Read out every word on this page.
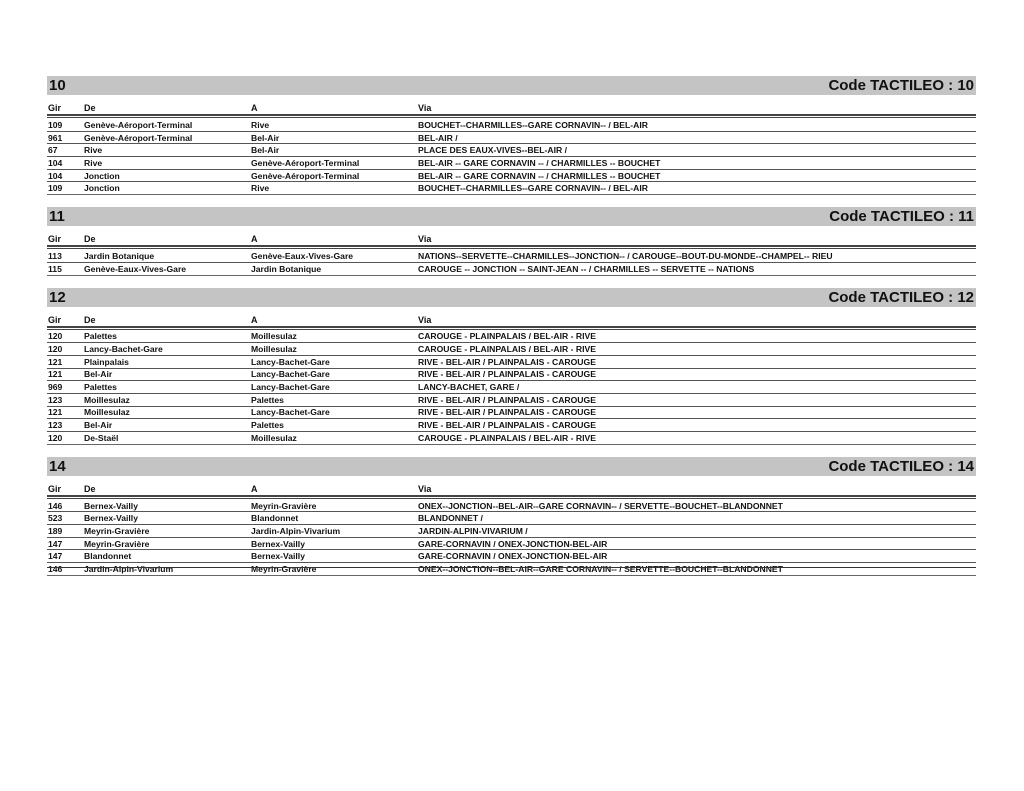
10	Code TACTILEO : 10
Gir	De	A	Via
109	Genève-Aéroport-Terminal	Rive	BOUCHET--CHARMILLES--GARE CORNAVIN-- / BEL-AIR
961	Genève-Aéroport-Terminal	Bel-Air	BEL-AIR /
67	Rive	Bel-Air	PLACE DES EAUX-VIVES--BEL-AIR /
104	Rive	Genève-Aéroport-Terminal	BEL-AIR -- GARE CORNAVIN -- / CHARMILLES -- BOUCHET
104	Jonction	Genève-Aéroport-Terminal	BEL-AIR -- GARE CORNAVIN -- / CHARMILLES -- BOUCHET
109	Jonction	Rive	BOUCHET--CHARMILLES--GARE CORNAVIN-- / BEL-AIR
11	Code TACTILEO : 11
Gir	De	A	Via
113	Jardin Botanique	Genève-Eaux-Vives-Gare	NATIONS--SERVETTE--CHARMILLES--JONCTION-- / CAROUGE--BOUT-DU-MONDE--CHAMPEL-- RIEU
115	Genève-Eaux-Vives-Gare	Jardin Botanique	CAROUGE -- JONCTION -- SAINT-JEAN -- / CHARMILLES -- SERVETTE -- NATIONS
12	Code TACTILEO : 12
Gir	De	A	Via
120	Palettes	Moillesulaz	CAROUGE - PLAINPALAIS / BEL-AIR - RIVE
120	Lancy-Bachet-Gare	Moillesulaz	CAROUGE - PLAINPALAIS / BEL-AIR - RIVE
121	Plainpalais	Lancy-Bachet-Gare	RIVE - BEL-AIR / PLAINPALAIS - CAROUGE
121	Bel-Air	Lancy-Bachet-Gare	RIVE - BEL-AIR / PLAINPALAIS - CAROUGE
969	Palettes	Lancy-Bachet-Gare	LANCY-BACHET, GARE /
123	Moillesulaz	Palettes	RIVE - BEL-AIR / PLAINPALAIS - CAROUGE
121	Moillesulaz	Lancy-Bachet-Gare	RIVE - BEL-AIR / PLAINPALAIS - CAROUGE
123	Bel-Air	Palettes	RIVE - BEL-AIR / PLAINPALAIS - CAROUGE
120	De-Staël	Moillesulaz	CAROUGE - PLAINPALAIS / BEL-AIR - RIVE
14	Code TACTILEO : 14
Gir	De	A	Via
146	Bernex-Vailly	Meyrin-Gravière	ONEX--JONCTION--BEL-AIR--GARE CORNAVIN-- / SERVETTE--BOUCHET--BLANDONNET
523	Bernex-Vailly	Blandonnet	BLANDONNET /
189	Meyrin-Gravière	Jardin-Alpin-Vivarium	JARDIN-ALPIN-VIVARIUM /
147	Meyrin-Gravière	Bernex-Vailly	GARE-CORNAVIN / ONEX-JONCTION-BEL-AIR
147	Blandonnet	Bernex-Vailly	GARE-CORNAVIN / ONEX-JONCTION-BEL-AIR
146	Jardin-Alpin-Vivarium	Meyrin-Gravière	ONEX--JONCTION--BEL-AIR--GARE CORNAVIN-- / SERVETTE--BOUCHET--BLANDONNET
